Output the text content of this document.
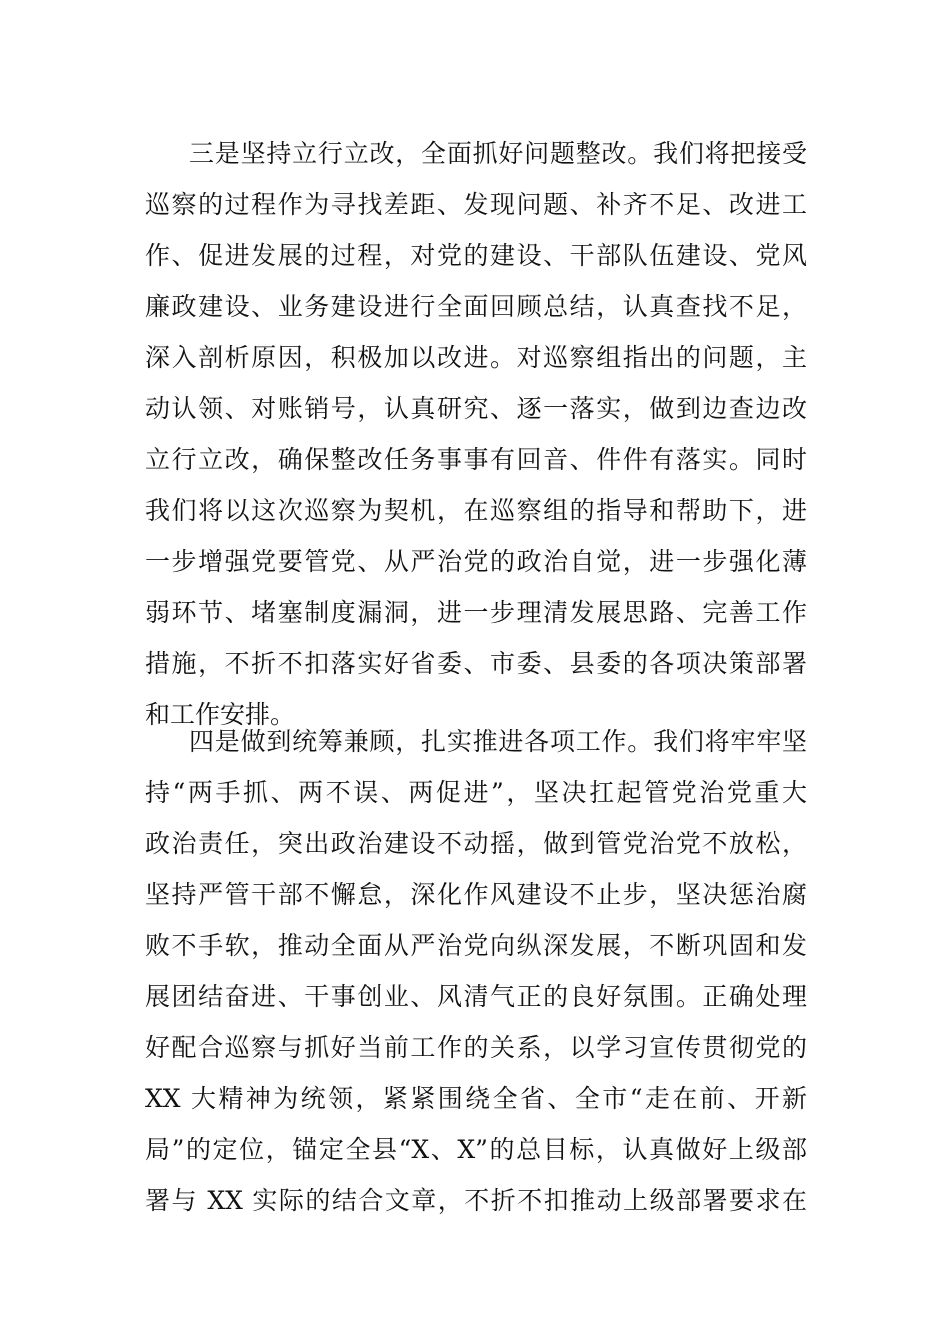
三是坚持立行立改，全面抓好问题整改。我们将把接受
巡察的过程作为寻找差距、发现问题、补齐不足、改进工
作、促进发展的过程，对党的建设、干部队伍建设、党风
廉政建设、业务建设进行全面回顾总结，认真查找不足，
深入剖析原因，积极加以改进。对巡察组指出的问题，主
动认领、对账销号，认真研究、逐一落实，做到边查边改
立行立改，确保整改任务事事有回音、件件有落实。同时
我们将以这次巡察为契机，在巡察组的指导和帮助下，进
一步增强党要管党、从严治党的政治自觉，进一步强化薄
弱环节、堵塞制度漏洞，进一步理清发展思路、完善工作
措施，不折不扣落实好省委、市委、县委的各项决策部署
和工作安排。
四是做到统筹兼顾，扎实推进各项工作。我们将牢牢坚
持“两手抓、两不误、两促进”，坚决扛起管党治党重大
政治责任，突出政治建设不动摇，做到管党治党不放松，
坚持严管干部不懈怠，深化作风建设不止步，坚决惩治腐
败不手软，推动全面从严治党向纵深发展，不断巩固和发
展团结奋进、干事创业、风清气正的良好氛围。正确处理
好配合巡察与抓好当前工作的关系，以学习宣传贯彻党的
XX 大精神为统领，紧紧围绕全省、全市“走在前、开新
局”的定位，锚定全县“X、X”的总目标，认真做好上级部
署与 XX 实际的结合文章，不折不扣推动上级部署要求在
